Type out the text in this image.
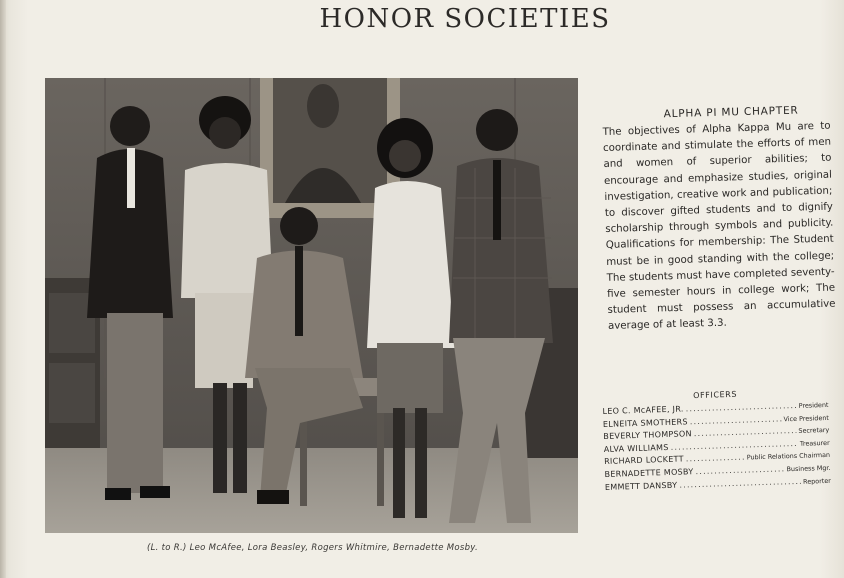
HONOR SOCIETIES
(L. to R.) Leo McAfee, Lora Beasley, Rogers Whitmire, Bernadette Mosby.
ALPHA PI MU CHAPTER

The objectives of Alpha Kappa Mu are to coordinate and stimulate the efforts of men and women of superior abilities; to encourage and emphasize studies, original investigation, creative work and publication; to discover gifted students and to dignify scholarship through symbols and publicity. Qualifications for membership: The Student must be in good standing with the college; The students must have completed seventy-five semester hours in college work; The student must possess an accumulative average of at least 3.3.

OFFICERS
LEO C. McAFEE, JR. .....	President
ELNEITA SMOTHERS .....	Vice President
BEVERLY THOMPSON .....	Secretary
ALVA WILLIAMS .....	Treasurer
RICHARD LOCKETT .....	Public Relations Chairman
BERNADETTE MOSBY .....	Business Mgr.
EMMETT DANSBY .....	Reporter
